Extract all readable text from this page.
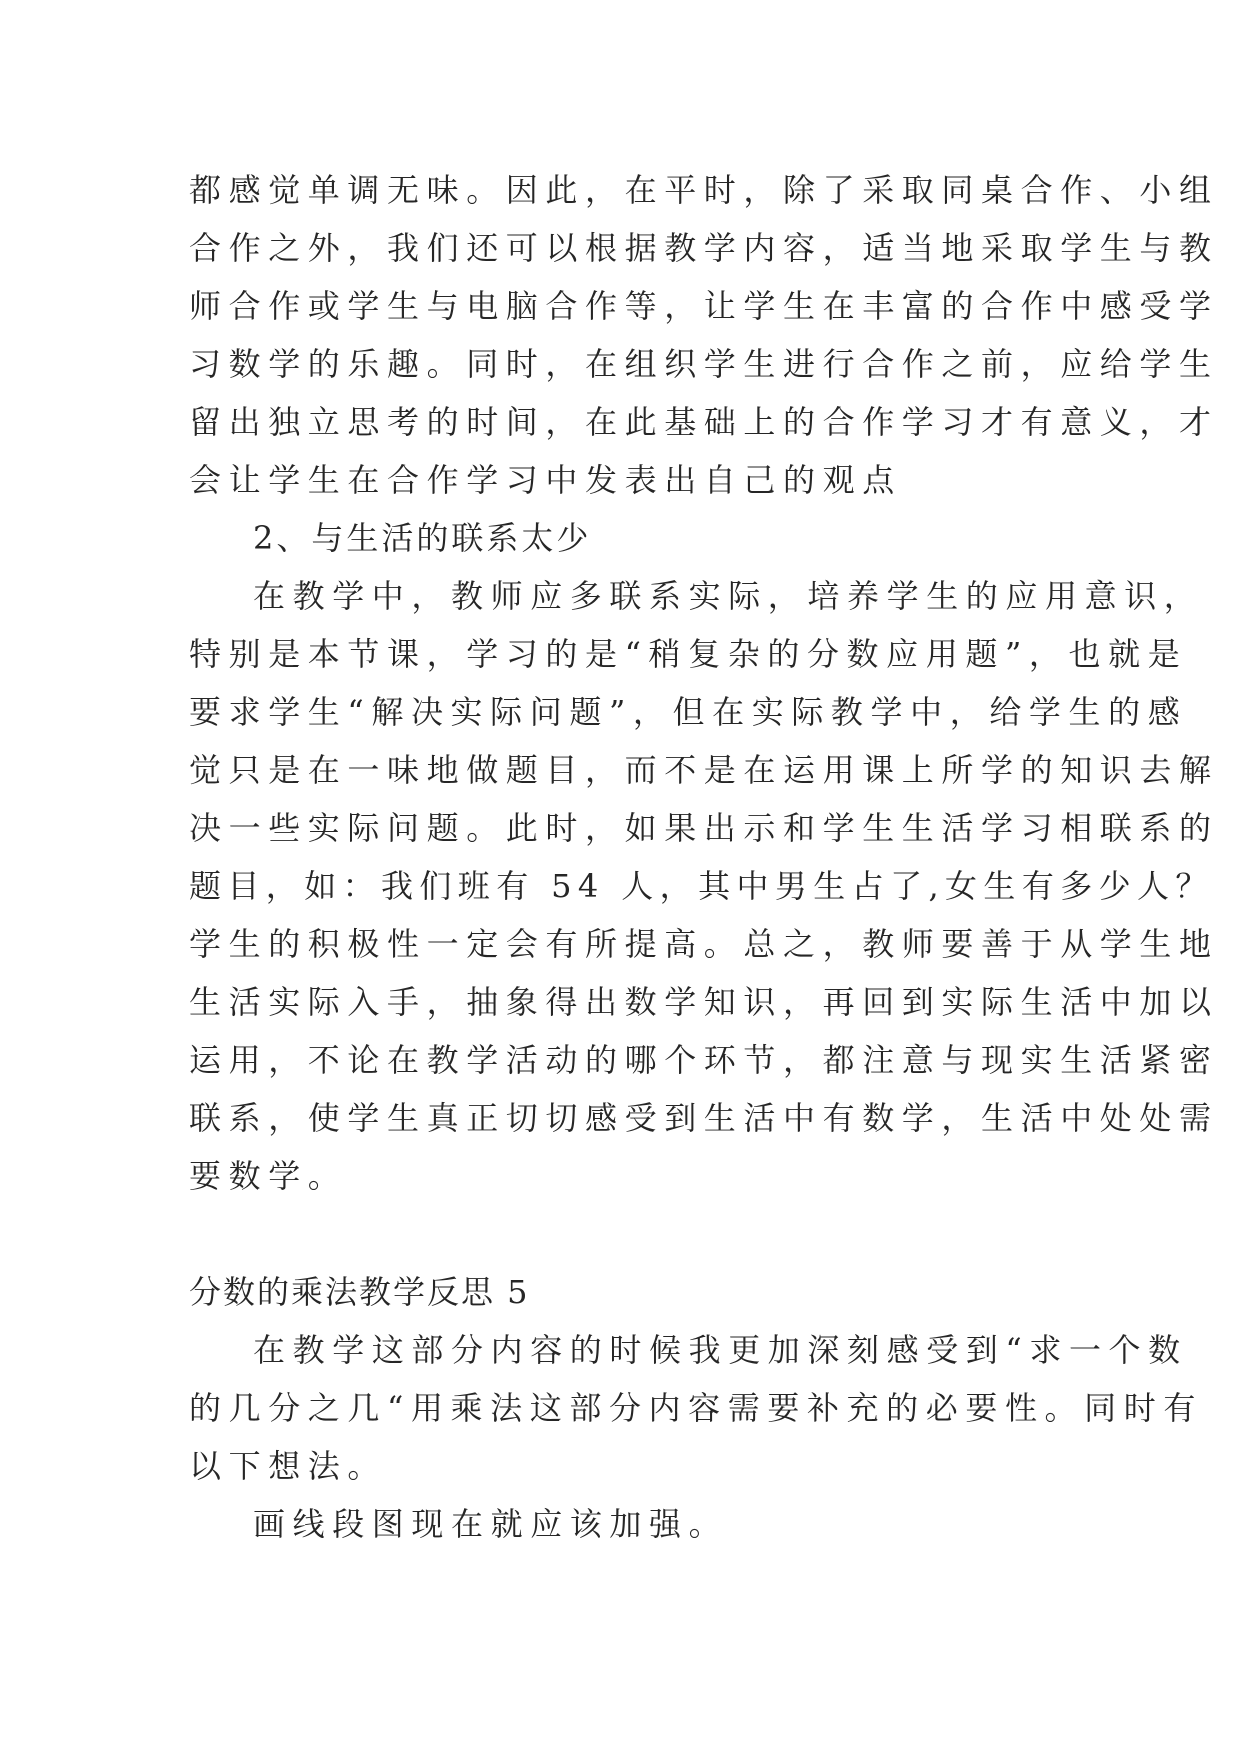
都感觉单调无味。因此，在平时，除了采取同桌合作、小组
合作之外，我们还可以根据教学内容，适当地采取学生与教
师合作或学生与电脑合作等，让学生在丰富的合作中感受学
习数学的乐趣。同时，在组织学生进行合作之前，应给学生
留出独立思考的时间，在此基础上的合作学习才有意义，才
会让学生在合作学习中发表出自己的观点
2、与生活的联系太少
在教学中，教师应多联系实际，培养学生的应用意识，
特别是本节课，学习的是“稍复杂的分数应用题”，也就是
要求学生“解决实际问题”，但在实际教学中，给学生的感
觉只是在一味地做题目，而不是在运用课上所学的知识去解
决一些实际问题。此时，如果出示和学生生活学习相联系的
题目，如：我们班有 54 人，其中男生占了,女生有多少人？
学生的积极性一定会有所提高。总之，教师要善于从学生地
生活实际入手，抽象得出数学知识，再回到实际生活中加以
运用，不论在教学活动的哪个环节，都注意与现实生活紧密
联系，使学生真正切切感受到生活中有数学，生活中处处需
要数学。
分数的乘法教学反思 5
在教学这部分内容的时候我更加深刻感受到“求一个数
的几分之几“用乘法这部分内容需要补充的必要性。同时有
以下想法。
画线段图现在就应该加强。
